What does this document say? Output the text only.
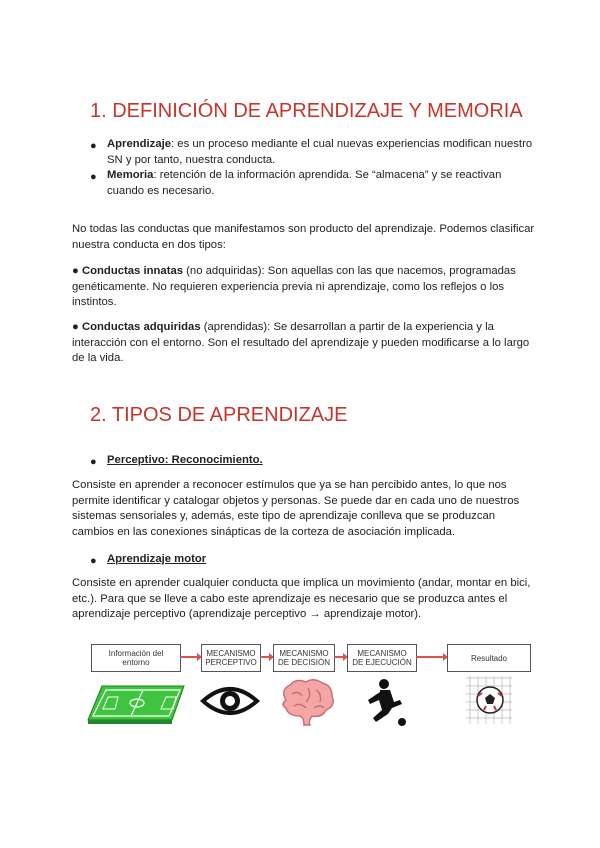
1. DEFINICIÓN DE APRENDIZAJE Y MEMORIA
● Aprendizaje: es un proceso mediante el cual nuevas experiencias modifican nuestro
SN y por tanto, nuestra conducta.
● Memoria: retención de la información aprendida. Se “almacena” y se reactivan
cuando es necesario.
No todas las conductas que manifestamos son producto del aprendizaje. Podemos clasificar
nuestra conducta en dos tipos:
● Conductas innatas (no adquiridas): Son aquellas con las que nacemos, programadas
genéticamente. No requieren experiencia previa ni aprendizaje, como los reflejos o los
instintos.
● Conductas adquiridas (aprendidas): Se desarrollan a partir de la experiencia y la
interacción con el entorno. Son el resultado del aprendizaje y pueden modificarse a lo largo
de la vida.
2. TIPOS DE APRENDIZAJE
● Perceptivo: Reconocimiento.
Consiste en aprender a reconocer estímulos que ya se han percibido antes, lo que nos
permite identificar y catalogar objetos y personas. Se puede dar en cada uno de nuestros
sistemas sensoriales y, además, este tipo de aprendizaje conlleva que se produzcan
cambios en las conexiones sinápticas de la corteza de asociación implicada.
● Aprendizaje motor
Consiste en aprender cualquier conducta que implica un movimiento (andar, montar en bici,
etc.). Para que se lleve a cabo este aprendizaje es necesario que se produzca antes el
aprendizaje perceptivo (aprendizaje perceptivo → aprendizaje motor).
Información del
entorno
MECANISMO
PERCEPTIVO
MECANISMO
DE DECISIÓN
MECANISMO
DE EJECUCIÓN	Resultado
